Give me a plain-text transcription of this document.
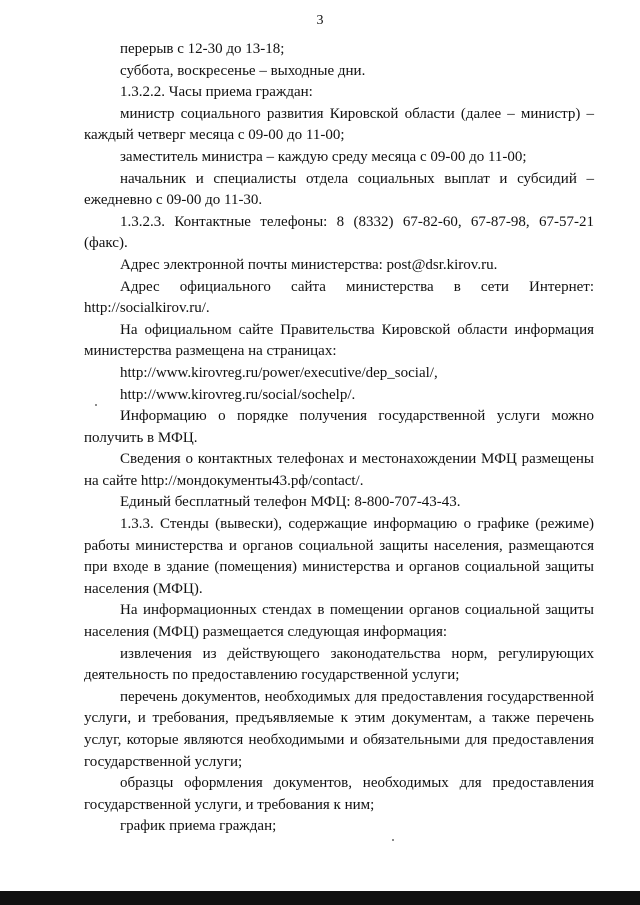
3

перерыв с 12-30 до 13-18;

суббота, воскресенье – выходные дни.

1.3.2.2. Часы приема граждан:

министр социального развития Кировской области (далее – министр) – каждый четверг месяца с 09-00 до 11-00;

заместитель министра – каждую среду месяца с 09-00 до 11-00;

начальник и специалисты отдела социальных выплат и субсидий – ежедневно с 09-00 до 11-30.

1.3.2.3. Контактные телефоны: 8 (8332) 67-82-60, 67-87-98, 67-57-21 (факс).

Адрес электронной почты министерства: post@dsr.kirov.ru.

Адрес официального сайта министерства в сети Интернет: http://socialkirov.ru/.

На официальном сайте Правительства Кировской области информация министерства размещена на страницах:

http://www.kirovreg.ru/power/executive/dep_social/,

http://www.kirovreg.ru/social/sochelp/.

Информацию о порядке получения государственной услуги можно получить в МФЦ.

Сведения о контактных телефонах и местонахождении МФЦ размещены на сайте http://мондокументы43.рф/contact/.

Единый бесплатный телефон МФЦ: 8-800-707-43-43.

1.3.3. Стенды (вывески), содержащие информацию о графике (режиме) работы министерства и органов социальной защиты населения, размещаются при входе в здание (помещения) министерства и органов социальной защиты населения (МФЦ).

На информационных стендах в помещении органов социальной защиты населения (МФЦ) размещается следующая информация:

извлечения из действующего законодательства норм, регулирующих деятельность по предоставлению государственной услуги;

перечень документов, необходимых для предоставления государственной услуги, и требования, предъявляемые к этим документам, а также перечень услуг, которые являются необходимыми и обязательными для предоставления государственной услуги;

образцы оформления документов, необходимых для предоставления государственной услуги, и требования к ним;

график приема граждан;
